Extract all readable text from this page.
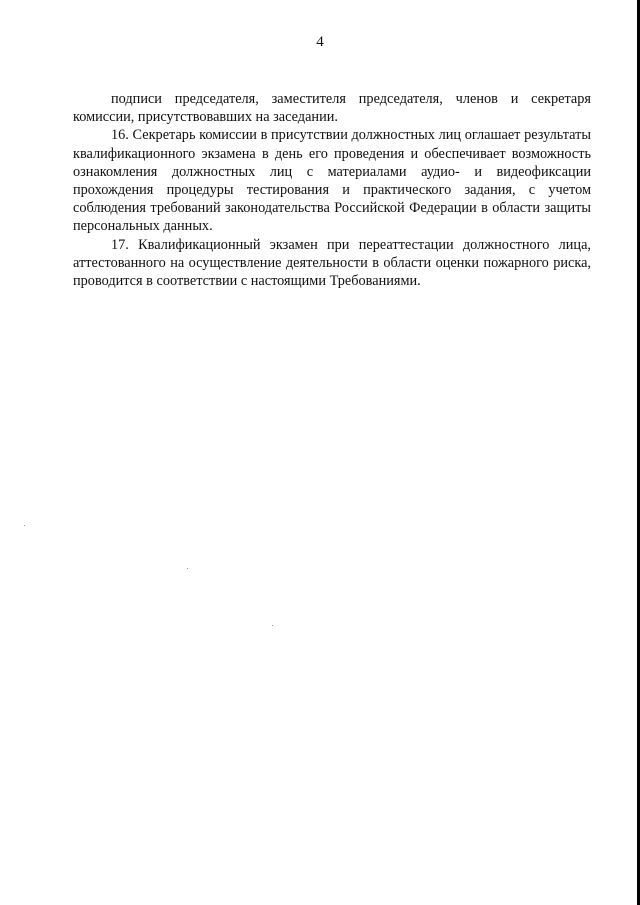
4

подписи председателя, заместителя председателя, членов и секретаря комиссии, присутствовавших на заседании.

16. Секретарь комиссии в присутствии должностных лиц оглашает результаты квалификационного экзамена в день его проведения и обеспечивает возможность ознакомления должностных лиц с материалами аудио- и видеофиксации прохождения процедуры тестирования и практического задания, с учетом соблюдения требований законодательства Российской Федерации в области защиты персональных данных.

17. Квалификационный экзамен при переаттестации должностного лица, аттестованного на осуществление деятельности в области оценки пожарного риска, проводится в соответствии с настоящими Требованиями.
